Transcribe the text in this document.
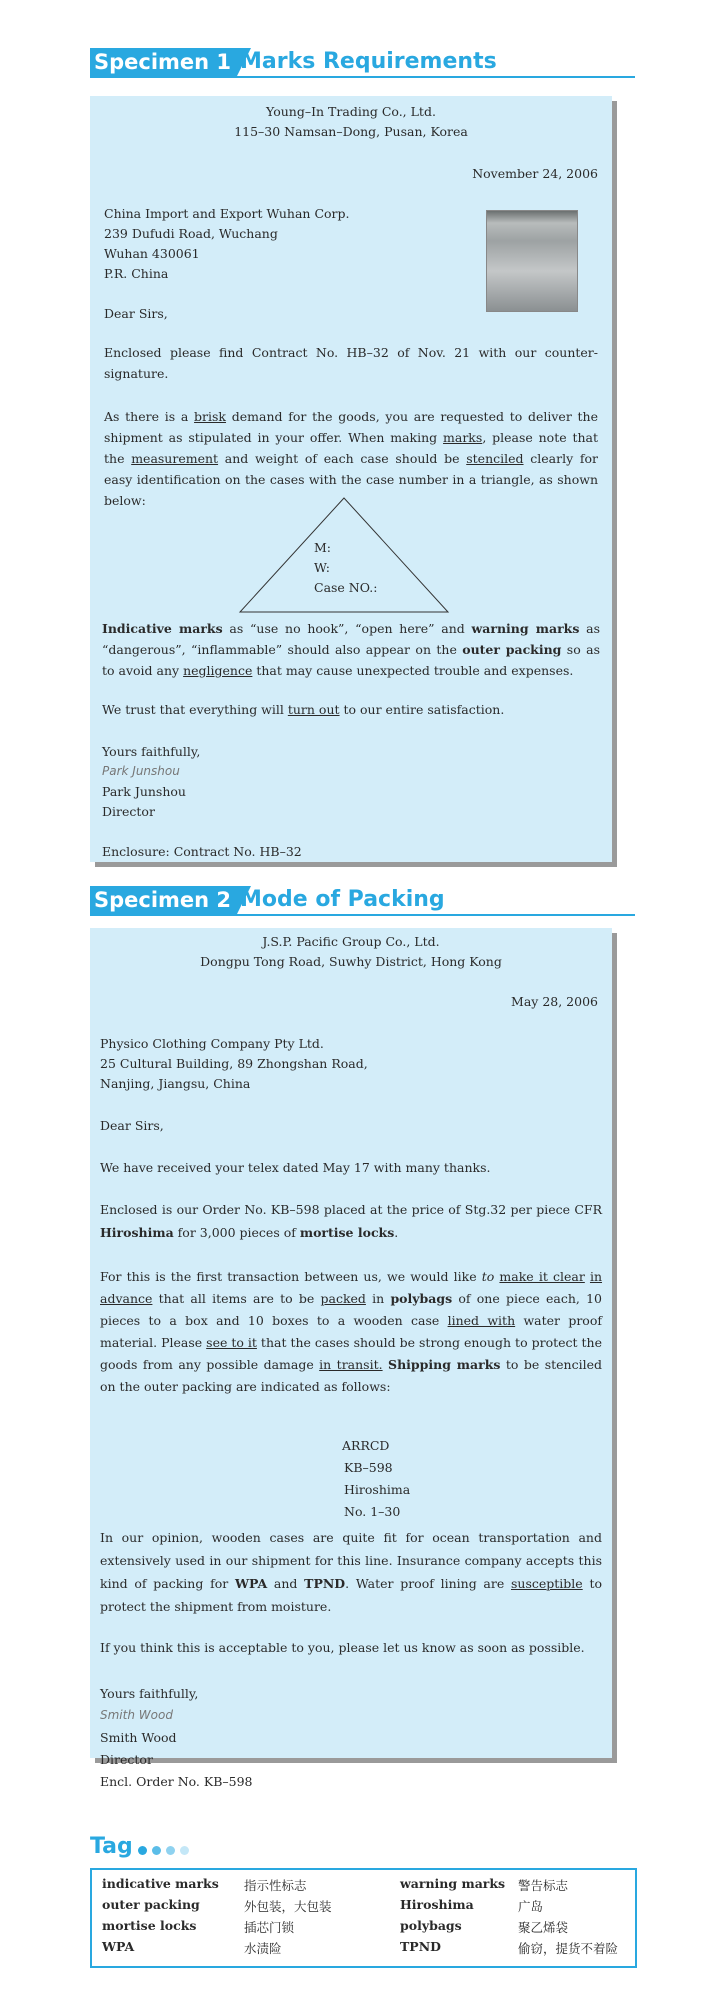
Specimen 1 Marks Requirements
Young–In Trading Co., Ltd.
115–30 Namsan–Dong, Pusan, Korea
November 24, 2006
China Import and Export Wuhan Corp.
239 Dufudi Road, Wuchang
Wuhan 430061
P.R. China
Dear Sirs,
Enclosed please find Contract No. HB–32 of Nov. 21 with our counter-signature.
As there is a brisk demand for the goods, you are requested to deliver the shipment as stipulated in your offer. When making marks, please note that the measurement and weight of each case should be stenciled clearly for easy identification on the cases with the case number in a triangle, as shown below:
M:
W:
Case NO.:
Indicative marks as “use no hook”, “open here” and warning marks as “dangerous”, “inflammable” should also appear on the outer packing so as to avoid any negligence that may cause unexpected trouble and expenses.
We trust that everything will turn out to our entire satisfaction.
Yours faithfully,
Park Junshou
Park Junshou
Director
Enclosure: Contract No. HB–32
Specimen 2 Mode of Packing
J.S.P. Pacific Group Co., Ltd.
Dongpu Tong Road, Suwhy District, Hong Kong
May 28, 2006
Physico Clothing Company Pty Ltd.
25 Cultural Building, 89 Zhongshan Road,
Nanjing, Jiangsu, China
Dear Sirs,
We have received your telex dated May 17 with many thanks.
Enclosed is our Order No. KB–598 placed at the price of Stg.32 per piece CFR Hiroshima for 3,000 pieces of mortise locks.
For this is the first transaction between us, we would like to make it clear in advance that all items are to be packed in polybags of one piece each, 10 pieces to a box and 10 boxes to a wooden case lined with water proof material. Please see to it that the cases should be strong enough to protect the goods from any possible damage in transit. Shipping marks to be stenciled on the outer packing are indicated as follows:
ARRCD
KB–598
Hiroshima
No. 1–30
In our opinion, wooden cases are quite fit for ocean transportation and extensively used in our shipment for this line. Insurance company accepts this kind of packing for WPA and TPND. Water proof lining are susceptible to protect the shipment from moisture.
If you think this is acceptable to you, please let us know as soon as possible.
Yours faithfully,
Smith Wood
Smith Wood
Director
Encl. Order No. KB–598
Tag
indicative marks 指示性标志	warning marks 警告标志
outer packing	外包装，大包装	Hiroshima	广岛
mortise locks	插芯门锁	polybags	聚乙烯袋
WPA	水渍险	TPND	偷窃，提货不着险
